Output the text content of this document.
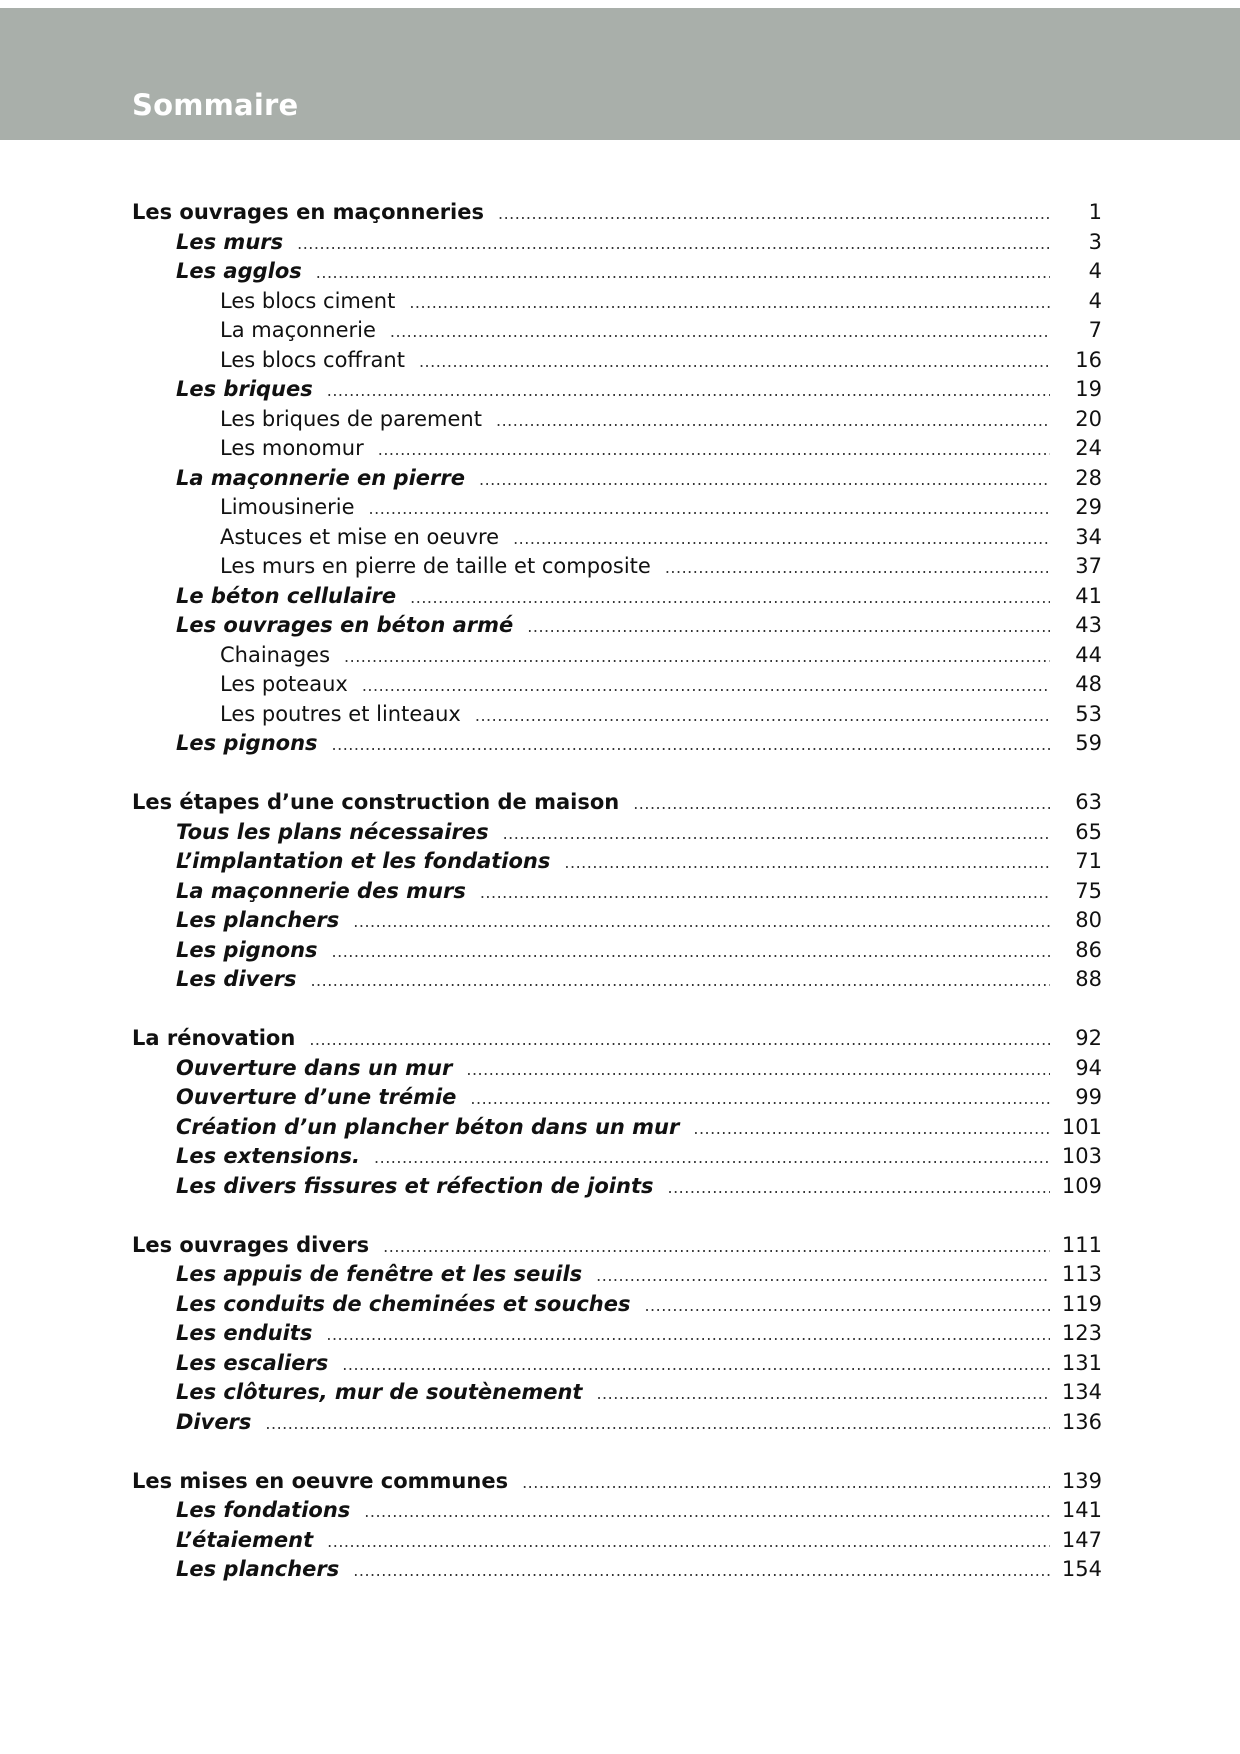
Sommaire
Les ouvrages en maçonneries .....	1
Les murs .....	3
Les agglos .....	4
Les blocs ciment .....	4
La maçonnerie .....	7
Les blocs coffrant .....	16
Les briques .....	19
Les briques de parement .....	20
Les monomur .....	24
La maçonnerie en pierre .....	28
Limousinerie .....	29
Astuces et mise en oeuvre .....	34
Les murs en pierre de taille et composite .....	37
Le béton cellulaire .....	41
Les ouvrages en béton armé .....	43
Chainages .....	44
Les poteaux .....	48
Les poutres et linteaux .....	53
Les pignons .....	59
Les étapes d’une construction de maison .....	63
Tous les plans nécessaires .....	65
L’implantation et les fondations .....	71
La maçonnerie des murs .....	75
Les planchers .....	80
Les pignons .....	86
Les divers .....	88
La rénovation .....	92
Ouverture dans un mur .....	94
Ouverture d’une trémie .....	99
Création d’un plancher béton dans un mur .....	101
Les extensions. .....	103
Les divers fissures et réfection de joints .....	109
Les ouvrages divers .....	111
Les appuis de fenêtre et les seuils .....	113
Les conduits de cheminées et souches .....	119
Les enduits .....	123
Les escaliers .....	131
Les clôtures, mur de soutènement .....	134
Divers .....	136
Les mises en oeuvre communes .....	139
Les fondations .....	141
L’étaiement .....	147
Les planchers .....	154
